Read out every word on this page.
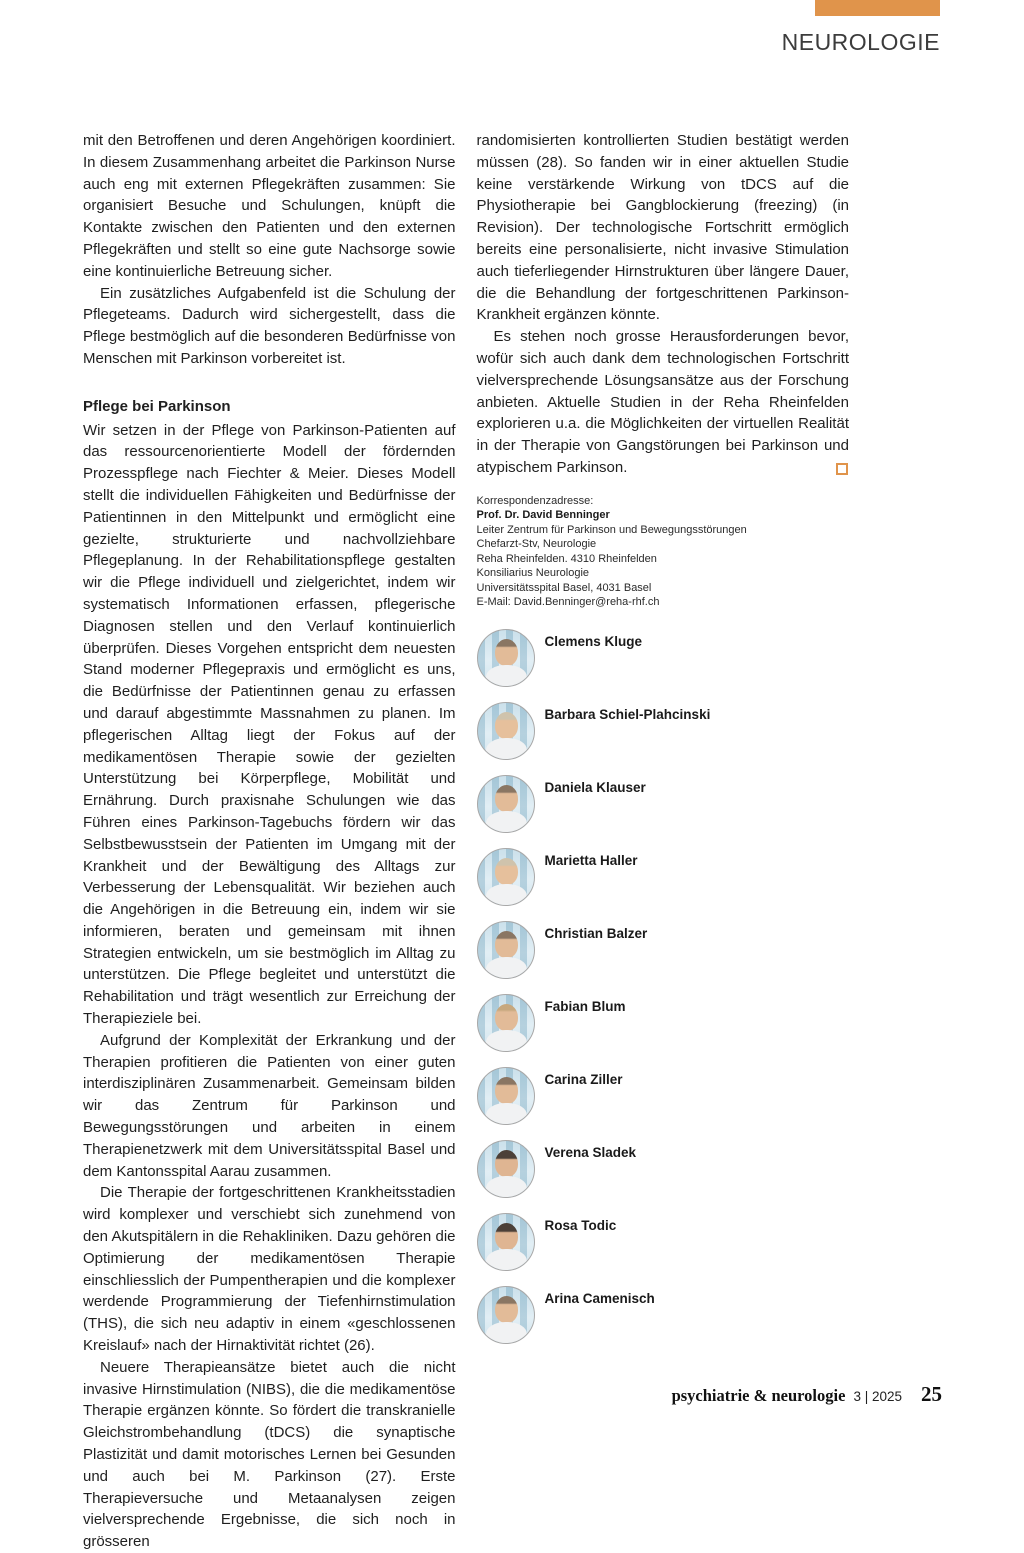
NEUROLOGIE

mit den Betroffenen und deren Angehörigen koordiniert. In diesem Zusammenhang arbeitet die Parkinson Nurse auch eng mit externen Pflegekräften zusammen: Sie organisiert Besuche und Schulungen, knüpft die Kontakte zwischen den Patienten und den externen Pflegekräften und stellt so eine gute Nachsorge sowie eine kontinuierliche Betreuung sicher.

Ein zusätzliches Aufgabenfeld ist die Schulung der Pflegeteams. Dadurch wird sichergestellt, dass die Pflege bestmöglich auf die besonderen Bedürfnisse von Menschen mit Parkinson vorbereitet ist.

Pflege bei Parkinson

Wir setzen in der Pflege von Parkinson-Patienten auf das ressourcenorientierte Modell der fördernden Prozesspflege nach Fiechter & Meier. Dieses Modell stellt die individuellen Fähigkeiten und Bedürfnisse der Patientinnen in den Mittelpunkt und ermöglicht eine gezielte, strukturierte und nachvollziehbare Pflegeplanung. In der Rehabilitationspflege gestalten wir die Pflege individuell und zielgerichtet, indem wir systematisch Informationen erfassen, pflegerische Diagnosen stellen und den Verlauf kontinuierlich überprüfen. Dieses Vorgehen entspricht dem neuesten Stand moderner Pflegepraxis und ermöglicht es uns, die Bedürfnisse der Patientinnen genau zu erfassen und darauf abgestimmte Massnahmen zu planen. Im pflegerischen Alltag liegt der Fokus auf der medikamentösen Therapie sowie der gezielten Unterstützung bei Körperpflege, Mobilität und Ernährung. Durch praxisnahe Schulungen wie das Führen eines Parkinson-Tagebuchs fördern wir das Selbstbewusstsein der Patienten im Umgang mit der Krankheit und der Bewältigung des Alltags zur Verbesserung der Lebensqualität. Wir beziehen auch die Angehörigen in die Betreuung ein, indem wir sie informieren, beraten und gemeinsam mit ihnen Strategien entwickeln, um sie bestmöglich im Alltag zu unterstützen. Die Pflege begleitet und unterstützt die Rehabilitation und trägt wesentlich zur Erreichung der Therapieziele bei.

Aufgrund der Komplexität der Erkrankung und der Therapien profitieren die Patienten von einer guten interdisziplinären Zusammenarbeit. Gemeinsam bilden wir das Zentrum für Parkinson und Bewegungsstörungen und arbeiten in einem Therapienetzwerk mit dem Universitätsspital Basel und dem Kantonsspital Aarau zusammen.

Die Therapie der fortgeschrittenen Krankheitsstadien wird komplexer und verschiebt sich zunehmend von den Akutspitälern in die Rehakliniken. Dazu gehören die Optimierung der medikamentösen Therapie einschliesslich der Pumpentherapien und die komplexer werdende Programmierung der Tiefenhirnstimulation (THS), die sich neu adaptiv in einem «geschlossenen Kreislauf» nach der Hirnaktivität richtet (26).

Neuere Therapieansätze bietet auch die nicht invasive Hirnstimulation (NIBS), die die medikamentöse Therapie ergänzen könnte. So fördert die transkranielle Gleichstrombehandlung (tDCS) die synaptische Plastizität und damit motorisches Lernen bei Gesunden und auch bei M. Parkinson (27). Erste Therapieversuche und Metaanalysen zeigen vielversprechende Ergebnisse, die sich noch in grösseren

randomisierten kontrollierten Studien bestätigt werden müssen (28). So fanden wir in einer aktuellen Studie keine verstärkende Wirkung von tDCS auf die Physiotherapie bei Gangblockierung (freezing) (in Revision). Der technologische Fortschritt ermöglich bereits eine personalisierte, nicht invasive Stimulation auch tieferliegender Hirnstrukturen über längere Dauer, die die Behandlung der fortgeschrittenen Parkinson-Krankheit ergänzen könnte.

Es stehen noch grosse Herausforderungen bevor, wofür sich auch dank dem technologischen Fortschritt vielversprechende Lösungsansätze aus der Forschung anbieten. Aktuelle Studien in der Reha Rheinfelden explorieren u.a. die Möglichkeiten der virtuellen Realität in der Therapie von Gangstörungen bei Parkinson und atypischem Parkinson.

Korrespondenzadresse:
Prof. Dr. David Benninger
Leiter Zentrum für Parkinson und Bewegungsstörungen
Chefarzt-Stv, Neurologie
Reha Rheinfelden. 4310 Rheinfelden
Konsiliarius Neurologie
Universitätsspital Basel, 4031 Basel
E-Mail: David.Benninger@reha-rhf.ch
Clemens Kluge
Barbara Schiel-Plahcinski
Daniela Klauser
Marietta Haller
Christian Balzer
Fabian Blum
Carina Ziller
Verena Sladek
Rosa Todic
Arina Camenisch
psychiatrie & neurologie 3 | 2025 25
